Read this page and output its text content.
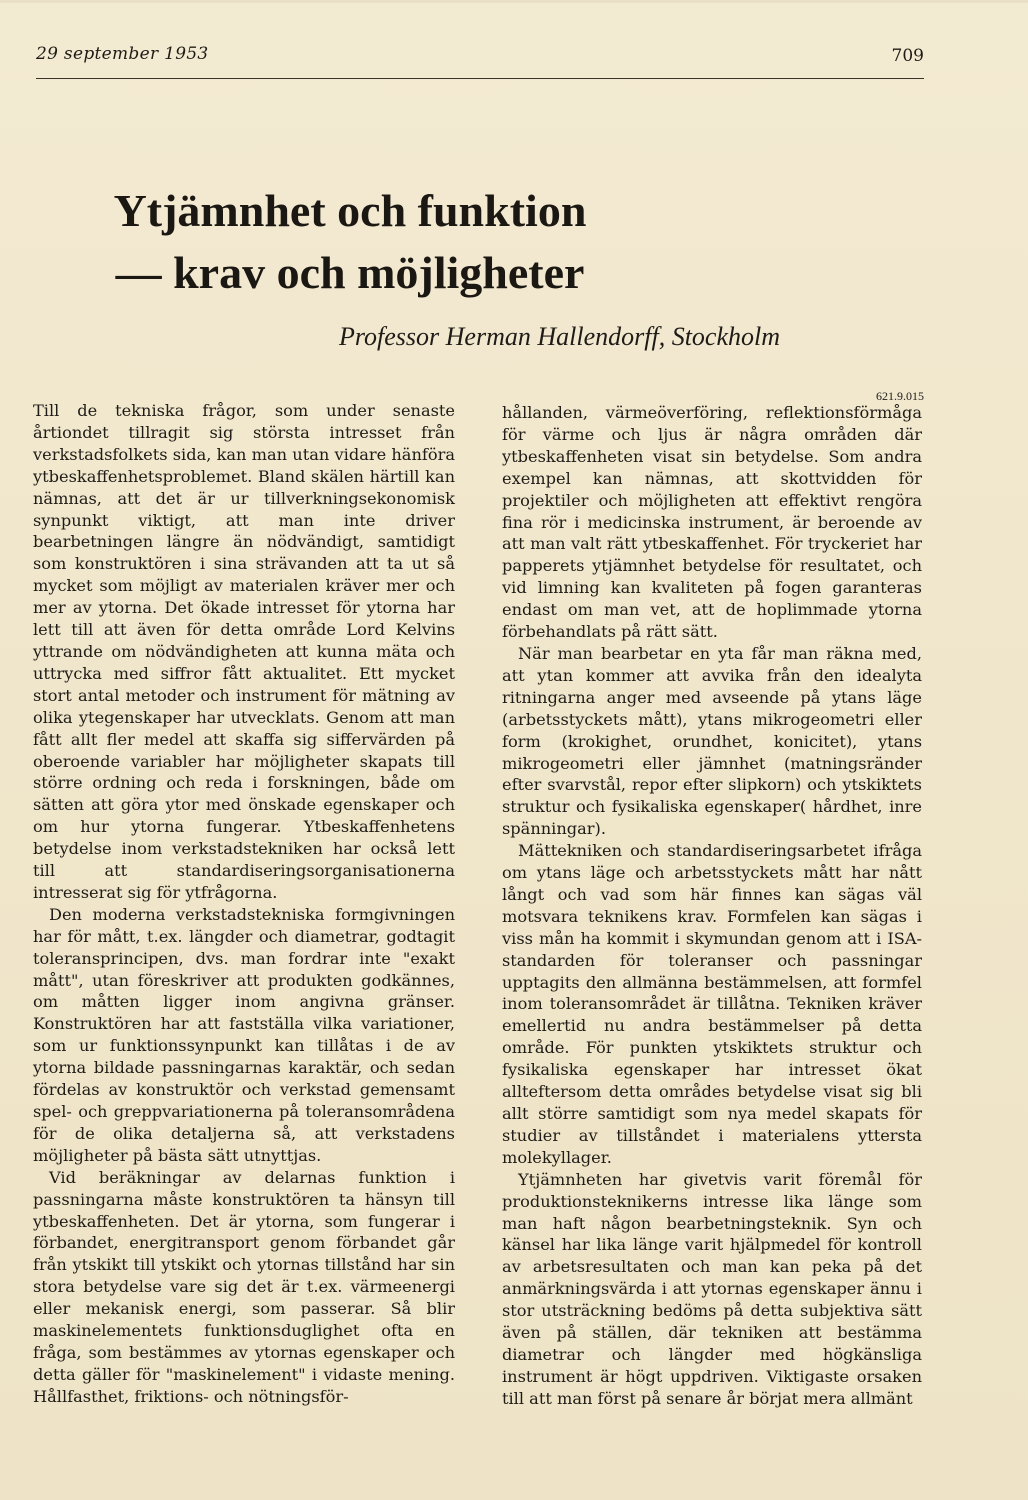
29 september 1953	709
Ytjämnhet och funktion
— krav och möjligheter
Professor Herman Hallendorff, Stockholm
621.9.015

Till de tekniska frågor, som under senaste årtiondet tillragit sig största intresset från verkstadsfolkets sida, kan man utan vidare hänföra ytbeskaffenhetsproblemet. Bland skälen härtill kan nämnas, att det är ur tillverkningsekonomisk synpunkt viktigt, att man inte driver bearbetningen längre än nödvändigt, samtidigt som konstruktören i sina strävanden att ta ut så mycket som möjligt av materialen kräver mer och mer av ytorna. Det ökade intresset för ytorna har lett till att även för detta område Lord Kelvins yttrande om nödvändigheten att kunna mäta och uttrycka med siffror fått aktualitet. Ett mycket stort antal metoder och instrument för mätning av olika ytegenskaper har utvecklats. Genom att man fått allt fler medel att skaffa sig siffervärden på oberoende variabler har möjligheter skapats till större ordning och reda i forskningen, både om sätten att göra ytor med önskade egenskaper och om hur ytorna fungerar. Ytbeskaffenhetens betydelse inom verkstadstekniken har också lett till att standardiseringsorganisationerna intresserat sig för ytfrågorna.

Den moderna verkstadstekniska formgivningen har för mått, t.ex. längder och diametrar, godtagit toleransprincipen, dvs. man fordrar inte "exakt mått", utan föreskriver att produkten godkännes, om måtten ligger inom angivna gränser. Konstruktören har att fastställa vilka variationer, som ur funktionssynpunkt kan tillåtas i de av ytorna bildade passningarnas karaktär, och sedan fördelas av konstruktör och verkstad gemensamt spel- och greppvariationerna på toleransområdena för de olika detaljerna så, att verkstadens möjligheter på bästa sätt utnyttjas.

Vid beräkningar av delarnas funktion i passningarna måste konstruktören ta hänsyn till ytbeskaffenheten. Det är ytorna, som fungerar i förbandet, energitransport genom förbandet går från ytskikt till ytskikt och ytornas tillstånd har sin stora betydelse vare sig det är t.ex. värmeenergi eller mekanisk energi, som passerar. Så blir maskinelementets funktionsduglighet ofta en fråga, som bestämmes av ytornas egenskaper och detta gäller för "maskinelement" i vidaste mening. Hållfasthet, friktions- och nötningsför-

hållanden, värmeöverföring, reflektionsförmåga för värme och ljus är några områden där ytbeskaffenheten visat sin betydelse. Som andra exempel kan nämnas, att skottvidden för projektiler och möjligheten att effektivt rengöra fina rör i medicinska instrument, är beroende av att man valt rätt ytbeskaffenhet. För tryckeriet har papperets ytjämnhet betydelse för resultatet, och vid limning kan kvaliteten på fogen garanteras endast om man vet, att de hoplimmade ytorna förbehandlats på rätt sätt.

När man bearbetar en yta får man räkna med, att ytan kommer att avvika från den idealyta ritningarna anger med avseende på ytans läge (arbetsstyckets mått), ytans mikrogeometri eller form (krokighet, orundhet, konicitet), ytans mikrogeometri eller jämnhet (matningsränder efter svarvstål, repor efter slipkorn) och ytskiktets struktur och fysikaliska egenskaper( hårdhet, inre spänningar).

Mättekniken och standardiseringsarbetet ifråga om ytans läge och arbetsstyckets mått har nått långt och vad som här finnes kan sägas väl motsvara teknikens krav. Formfelen kan sägas i viss mån ha kommit i skymundan genom att i ISA-standarden för toleranser och passningar upptagits den allmänna bestämmelsen, att formfel inom toleransområdet är tillåtna. Tekniken kräver emellertid nu andra bestämmelser på detta område. För punkten ytskiktets struktur och fysikaliska egenskaper har intresset ökat allteftersom detta områdes betydelse visat sig bli allt större samtidigt som nya medel skapats för studier av tillståndet i materialens yttersta molekyllager.

Ytjämnheten har givetvis varit föremål för produktionsteknikerns intresse lika länge som man haft någon bearbetningsteknik. Syn och känsel har lika länge varit hjälpmedel för kontroll av arbetsresultaten och man kan peka på det anmärkningsvärda i att ytornas egenskaper ännu i stor utsträckning bedöms på detta subjektiva sätt även på ställen, där tekniken att bestämma diametrar och längder med högkänsliga instrument är högt uppdriven. Viktigaste orsaken till att man först på senare år börjat mera allmänt
